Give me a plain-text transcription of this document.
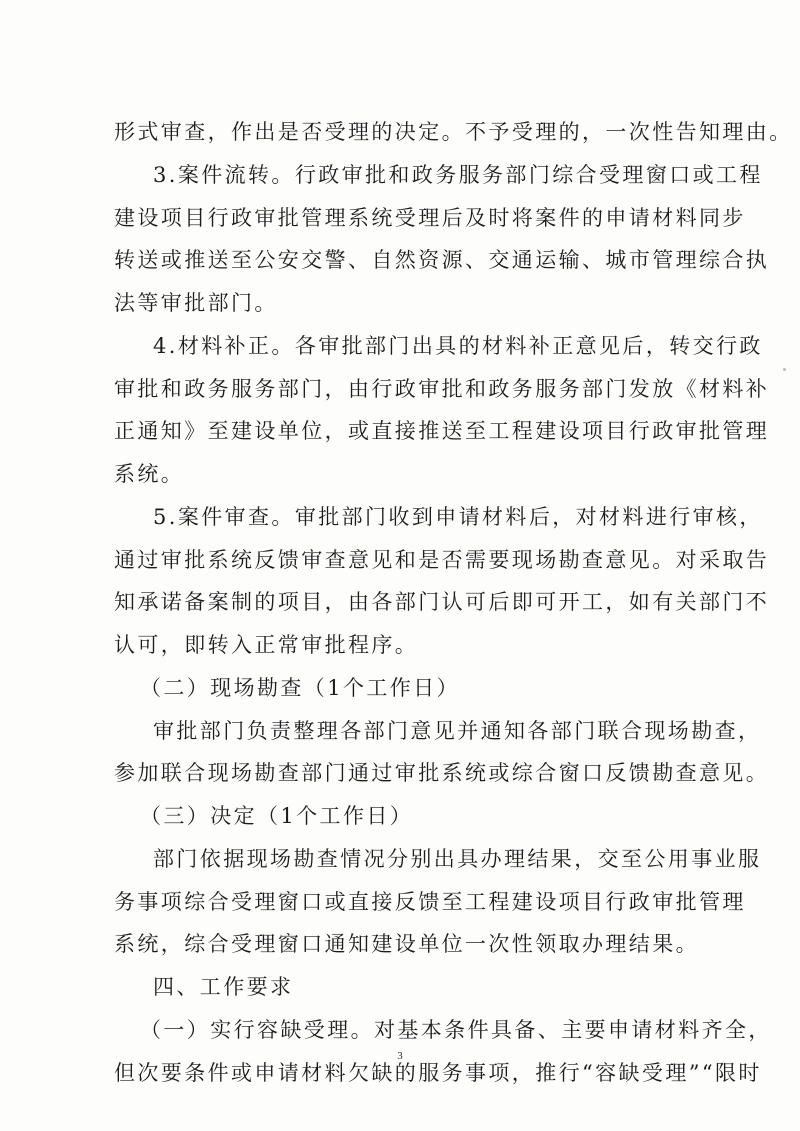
形式审查，作出是否受理的决定。不予受理的，一次性告知理由。

3.案件流转。行政审批和政务服务部门综合受理窗口或工程

建设项目行政审批管理系统受理后及时将案件的申请材料同步

转送或推送至公安交警、自然资源、交通运输、城市管理综合执

法等审批部门。

4.材料补正。各审批部门出具的材料补正意见后，转交行政

审批和政务服务部门，由行政审批和政务服务部门发放《材料补

正通知》至建设单位，或直接推送至工程建设项目行政审批管理

系统。

5.案件审查。审批部门收到申请材料后，对材料进行审核，

通过审批系统反馈审查意见和是否需要现场勘查意见。对采取告

知承诺备案制的项目，由各部门认可后即可开工，如有关部门不

认可，即转入正常审批程序。

（二）现场勘查（1个工作日）

审批部门负责整理各部门意见并通知各部门联合现场勘查，

参加联合现场勘查部门通过审批系统或综合窗口反馈勘查意见。

（三）决定（1个工作日）

部门依据现场勘查情况分别出具办理结果，交至公用事业服

务事项综合受理窗口或直接反馈至工程建设项目行政审批管理

系统，综合受理窗口通知建设单位一次性领取办理结果。

四、工作要求

（一）实行容缺受理。对基本条件具备、主要申请材料齐全，

但次要条件或申请材料欠缺的服务事项，推行“容缺受理”“限时

3
